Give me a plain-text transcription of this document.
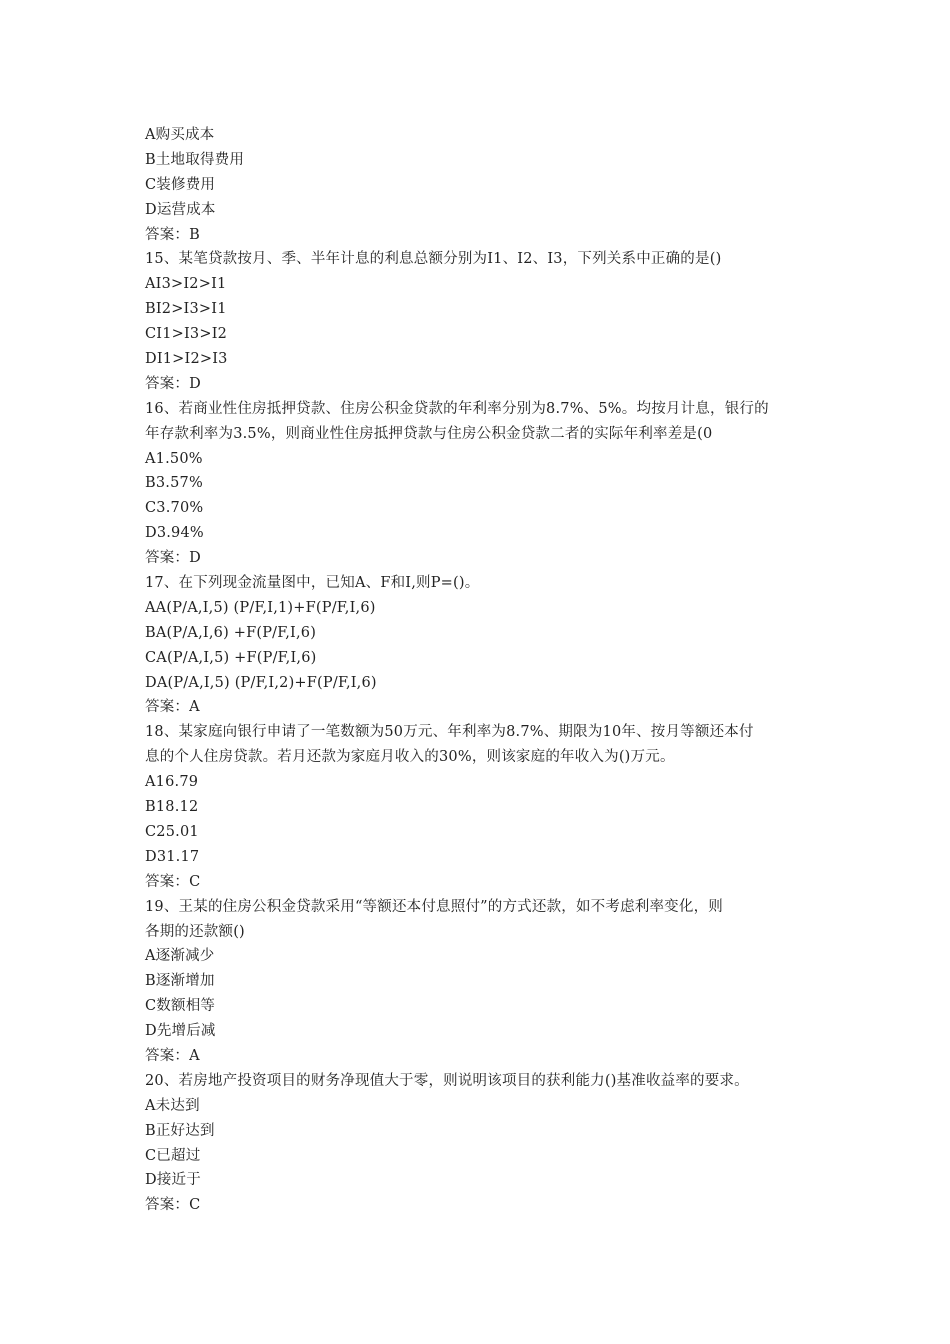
A购买成本
B土地取得费用
C装修费用
D运营成本
答案：B
15、某笔贷款按月、季、半年计息的利息总额分别为I1、I2、I3，下列关系中正确的是()
AI3>I2>I1
BI2>I3>I1
CI1>I3>I2
DI1>I2>I3
答案：D
16、若商业性住房抵押贷款、住房公积金贷款的年利率分别为8.7%、5%。均按月计息，银行的
年存款利率为3.5%，则商业性住房抵押贷款与住房公积金贷款二者的实际年利率差是(0
A1.50%
B3.57%
C3.70%
D3.94%
答案：D
17、在下列现金流量图中，已知A、F和I,则P=()。
AA(P/A,I,5) (P/F,I,1)+F(P/F,I,6)
BA(P/A,I,6) +F(P/F,I,6)
CA(P/A,I,5) +F(P/F,I,6)
DA(P/A,I,5) (P/F,I,2)+F(P/F,I,6)
答案：A
18、某家庭向银行申请了一笔数额为50万元、年利率为8.7%、期限为10年、按月等额还本付
息的个人住房贷款。若月还款为家庭月收入的30%，则该家庭的年收入为()万元。
A16.79
B18.12
C25.01
D31.17
答案：C
19、王某的住房公积金贷款采用“等额还本付息照付”的方式还款，如不考虑利率变化，则
各期的还款额()
A逐渐减少
B逐渐增加
C数额相等
D先增后减
答案：A
20、若房地产投资项目的财务净现值大于零，则说明该项目的获利能力()基准收益率的要求。
A未达到
B正好达到
C已超过
D接近于
答案：C
